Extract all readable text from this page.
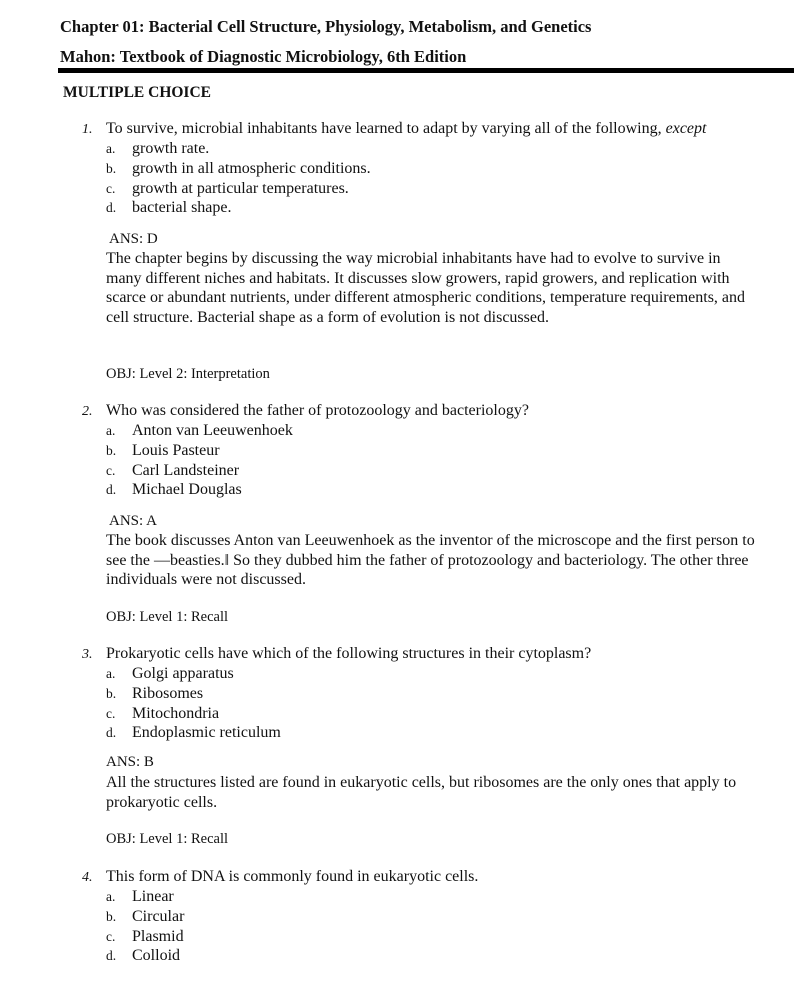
Chapter 01: Bacterial Cell Structure, Physiology, Metabolism, and Genetics
Mahon: Textbook of Diagnostic Microbiology, 6th Edition
MULTIPLE CHOICE
1. To survive, microbial inhabitants have learned to adapt by varying all of the following, except
a. growth rate.
b. growth in all atmospheric conditions.
c. growth at particular temperatures.
d. bacterial shape.
ANS: D
The chapter begins by discussing the way microbial inhabitants have had to evolve to survive in many different niches and habitats. It discusses slow growers, rapid growers, and replication with scarce or abundant nutrients, under different atmospheric conditions, temperature requirements, and cell structure. Bacterial shape as a form of evolution is not discussed.
OBJ: Level 2: Interpretation
2. Who was considered the father of protozoology and bacteriology?
a. Anton van Leeuwenhoek
b. Louis Pasteur
c. Carl Landsteiner
d. Michael Douglas
ANS: A
The book discusses Anton van Leeuwenhoek as the inventor of the microscope and the first person to see the ―beasties.‖ So they dubbed him the father of protozoology and bacteriology. The other three individuals were not discussed.
OBJ: Level 1: Recall
3. Prokaryotic cells have which of the following structures in their cytoplasm?
a. Golgi apparatus
b. Ribosomes
c. Mitochondria
d. Endoplasmic reticulum
ANS: B
All the structures listed are found in eukaryotic cells, but ribosomes are the only ones that apply to prokaryotic cells.
OBJ: Level 1: Recall
4. This form of DNA is commonly found in eukaryotic cells.
a. Linear
b. Circular
c. Plasmid
d. Colloid
